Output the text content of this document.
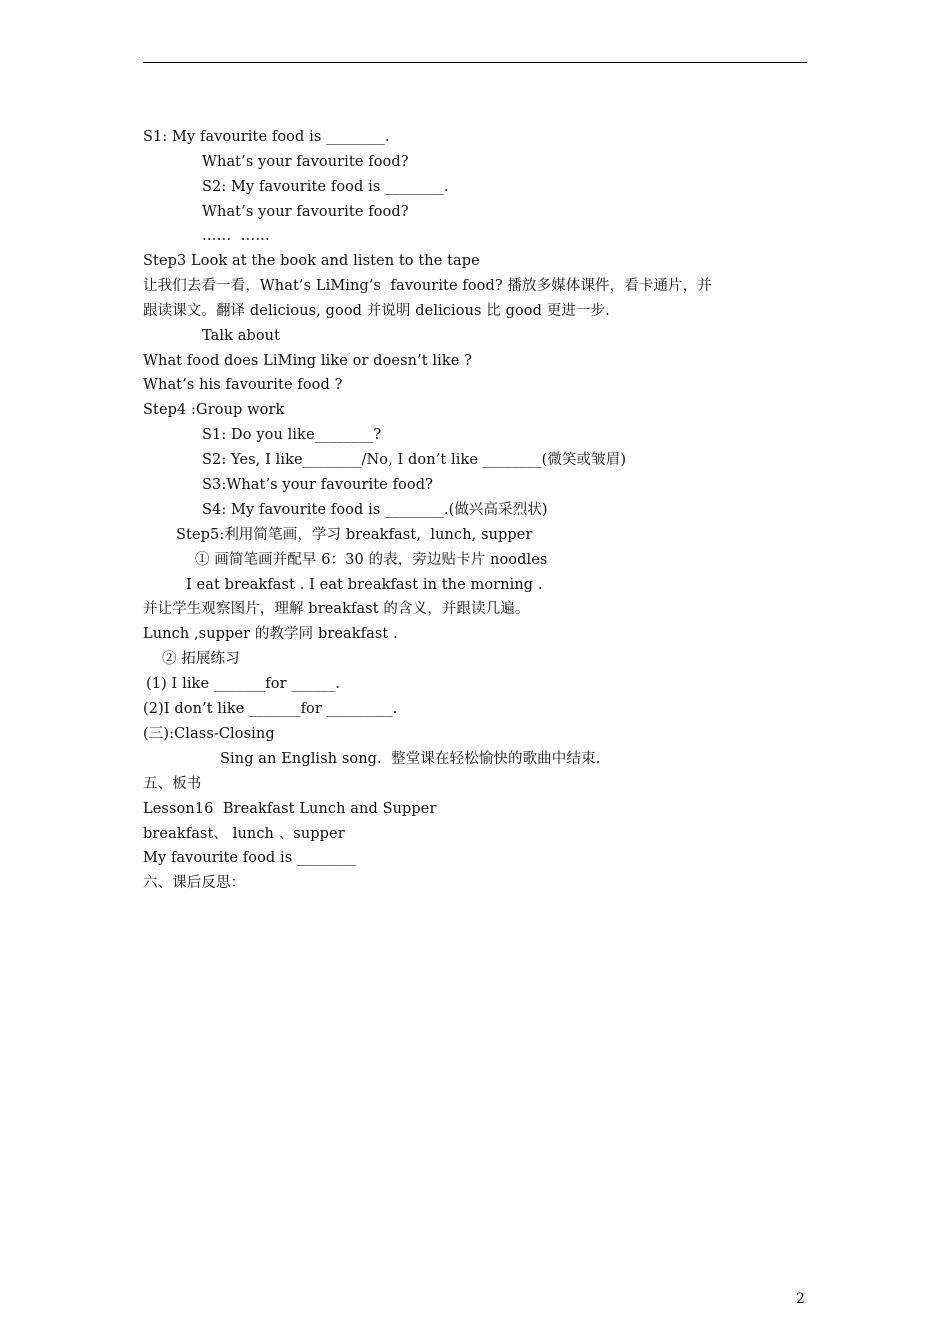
S1: My favourite food is ________.
What’s your favourite food?
S2: My favourite food is ________.
What’s your favourite food?
……  ……
Step3 Look at the book and listen to the tape
让我们去看一看，What’s LiMing’s  favourite food? 播放多媒体课件，看卡通片，并
跟读课文。翻译 delicious, good 并说明 delicious 比 good 更进一步.
Talk about
What food does LiMing like or doesn’t like ?
What’s his favourite food ?
Step4 :Group work
S1: Do you like________?
S2: Yes, I like________/No, I don’t like ________(微笑或皱眉)
S3:What’s your favourite food?
S4: My favourite food is ________.(做兴高采烈状)
Step5:利用简笔画，学习 breakfast,  lunch, supper
① 画简笔画并配早 6：30 的表，旁边贴卡片 noodles
I eat breakfast . I eat breakfast in the morning .
并让学生观察图片，理解 breakfast 的含义，并跟读几遍。
Lunch ,supper 的教学同 breakfast .
② 拓展练习
(1) I like _______for ______.
(2)I don’t like _______for _________.
(三):Class-Closing
Sing an English song.  整堂课在轻松愉快的歌曲中结束.
五、板书
Lesson16  Breakfast Lunch and Supper
breakfast、 lunch 、supper
My favourite food is ________
六、课后反思：
2
